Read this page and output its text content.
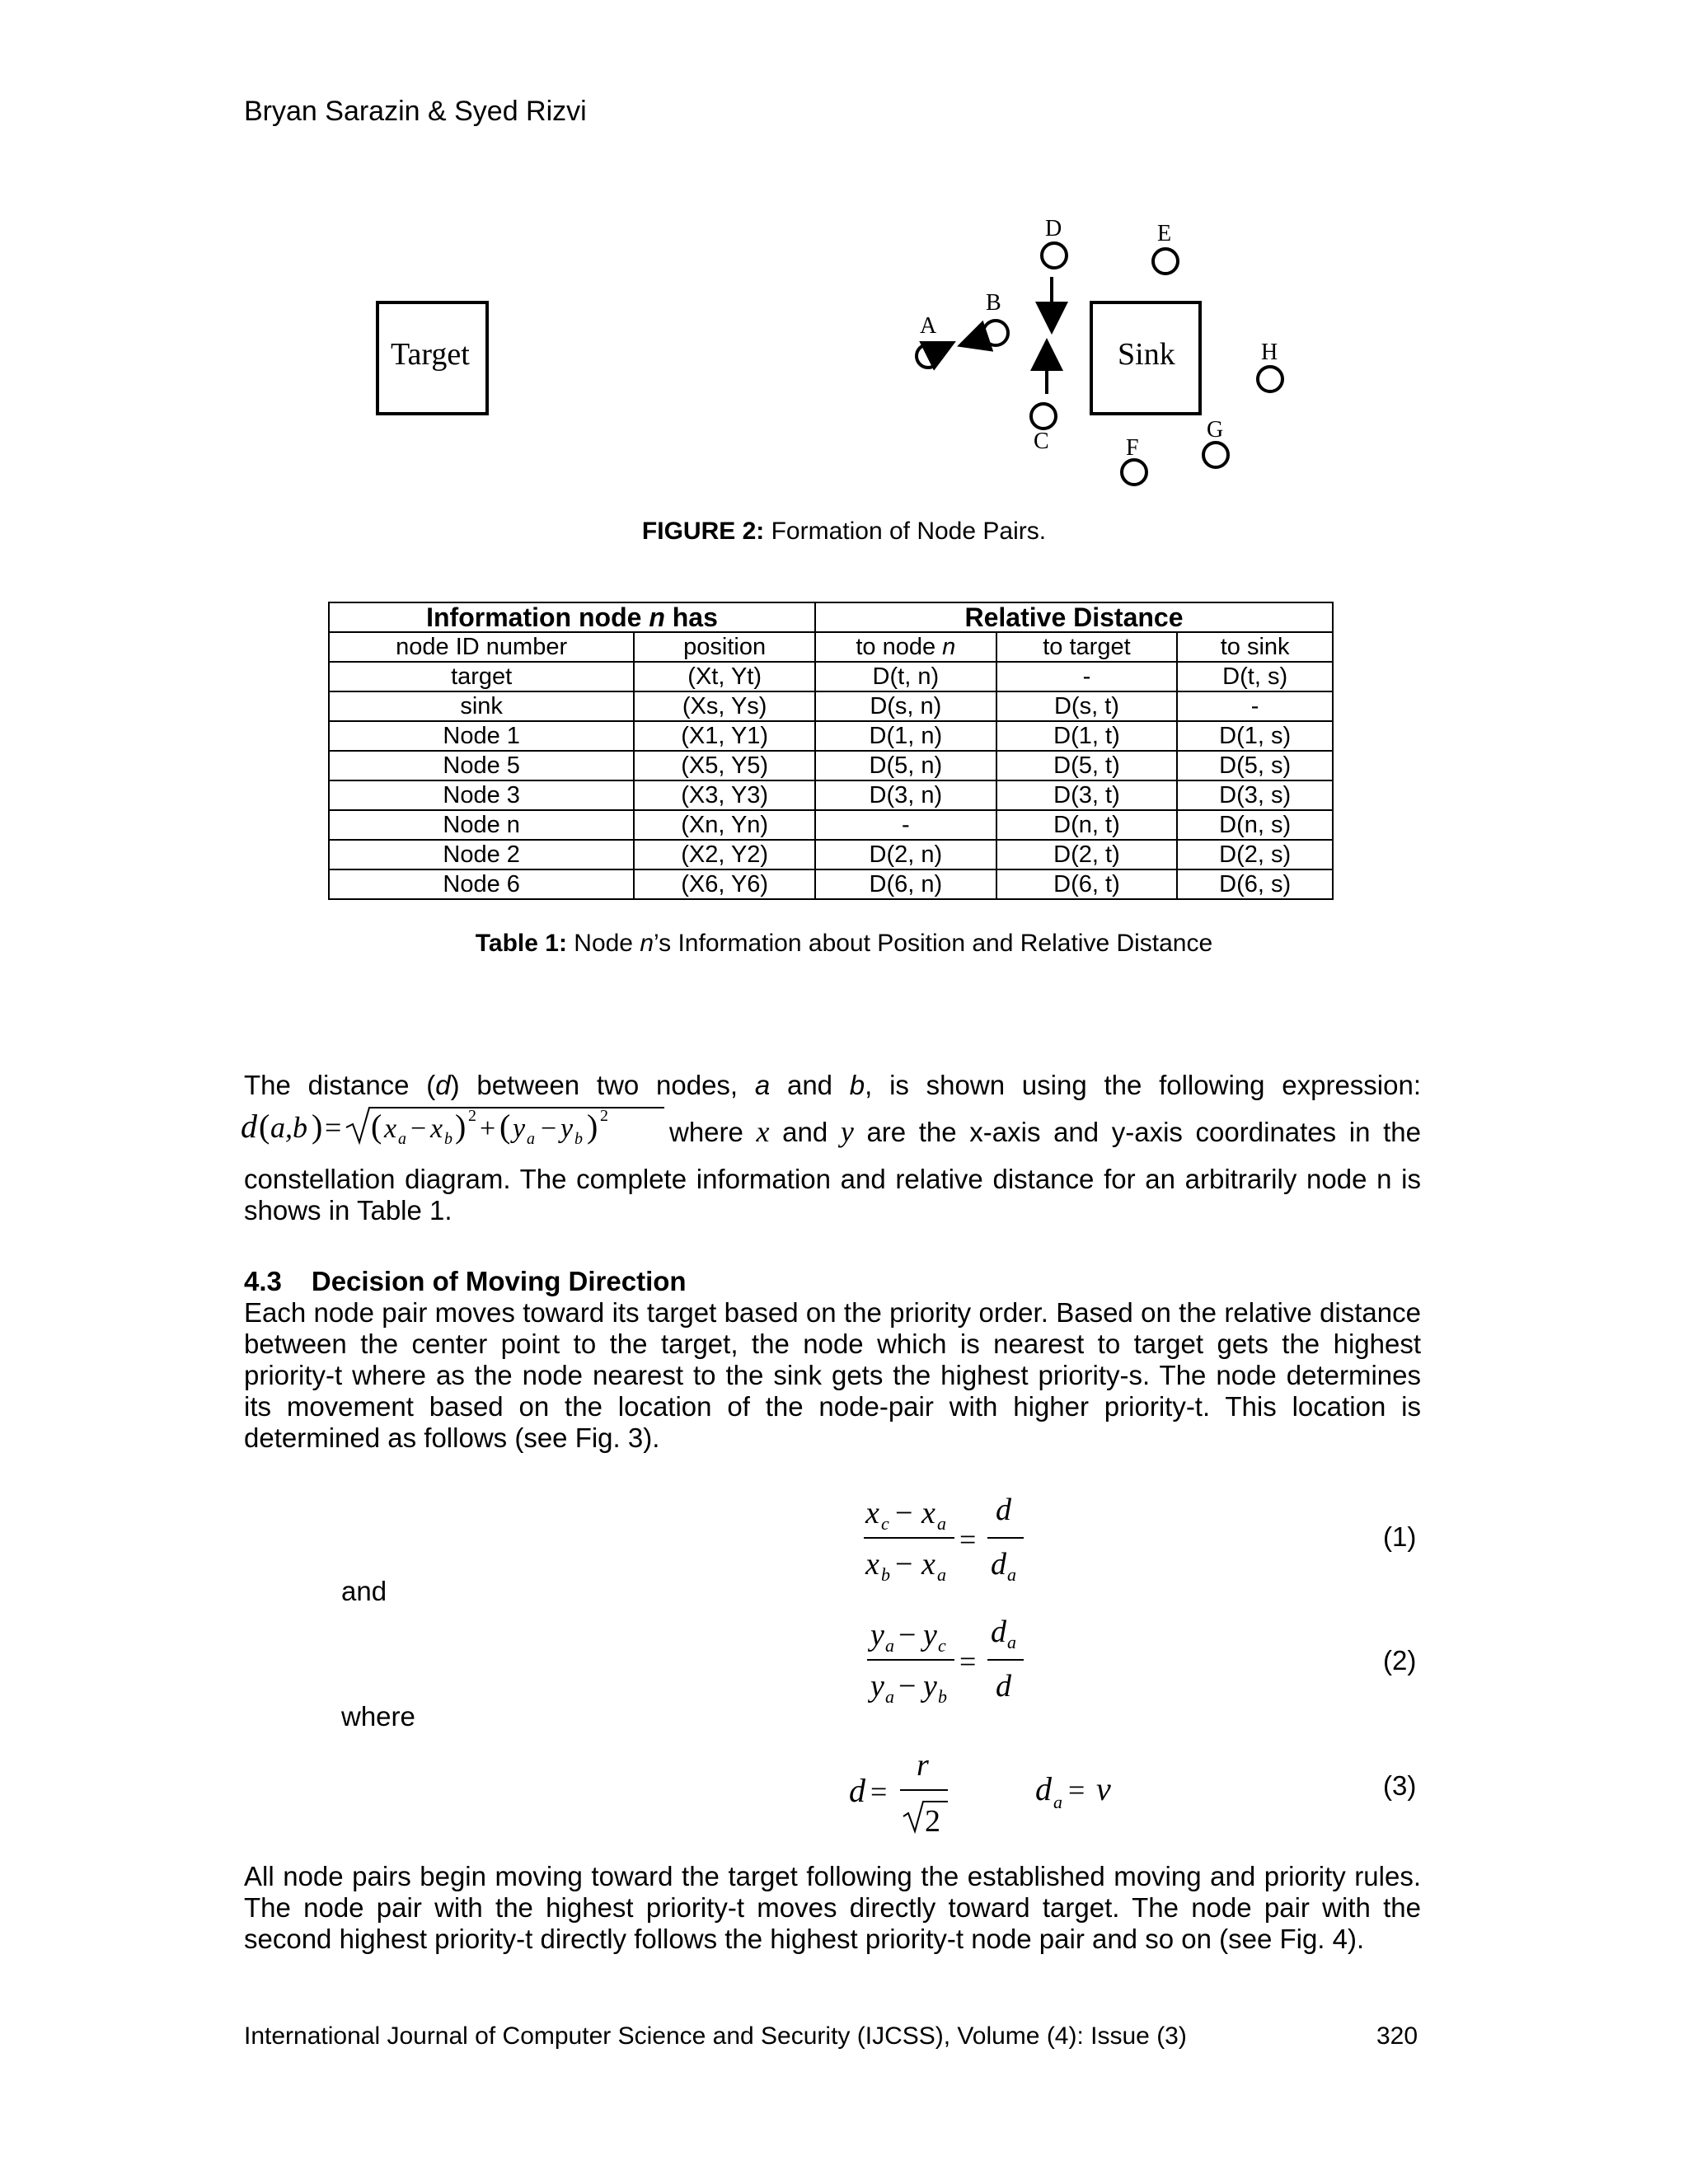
Bryan Sarazin & Syed Rizvi
Target	Sink
A
B
C
D	E
F
G
H
FIGURE 2: Formation of Node Pairs.
Information node n has		Relative Distance		
node ID number	position	to node n	to target	to sink
target	(Xt, Yt)	D(t, n)	-	D(t, s)
sink	(Xs, Ys)	D(s, n)	D(s, t)	-
Node 1	(X1, Y1)	D(1, n)	D(1, t)	D(1, s)
Node 5	(X5, Y5)	D(5, n)	D(5, t)	D(5, s)
Node 3	(X3, Y3)	D(3, n)	D(3, t)	D(3, s)
Node n	(Xn, Yn)	-	D(n, t)	D(n, s)
Node 2	(X2, Y2)	D(2, n)	D(2, t)	D(2, s)
Node 6	(X6, Y6)	D(6, n)	D(6, t)	D(6, s)
Table 1: Node n’s Information about Position and Relative Distance
The distance (d) between two nodes, a and b, is shown using the following expression:
d ( a,b ) = ( x a − x b ) 2 + ( y a − y b ) 2
where x and y are the x-axis and y-axis coordinates in the
constellation diagram. The complete information and relative distance for an arbitrarily node n is shows in Table 1.
4.3 Decision of Moving Direction
Each node pair moves toward its target based on the priority order. Based on the relative distance between the center point to the target, the node which is nearest to target gets the highest priority-t where as the node nearest to the sink gets the highest priority-s. The node determines its movement based on the location of the node-pair with higher priority-t. This location is determined as follows (see Fig. 3).
x c − x a
x b − x a
=
d
d a
(1)
and
y a − y c
y a − y b
=
d a
d
(2)
where
d =
r
2
d a = v	(3)
All node pairs begin moving toward the target following the established moving and priority rules. The node pair with the highest priority-t moves directly toward target. The node pair with the second highest priority-t directly follows the highest priority-t node pair and so on (see Fig. 4).
International Journal of Computer Science and Security (IJCSS), Volume (4): Issue (3)	320
